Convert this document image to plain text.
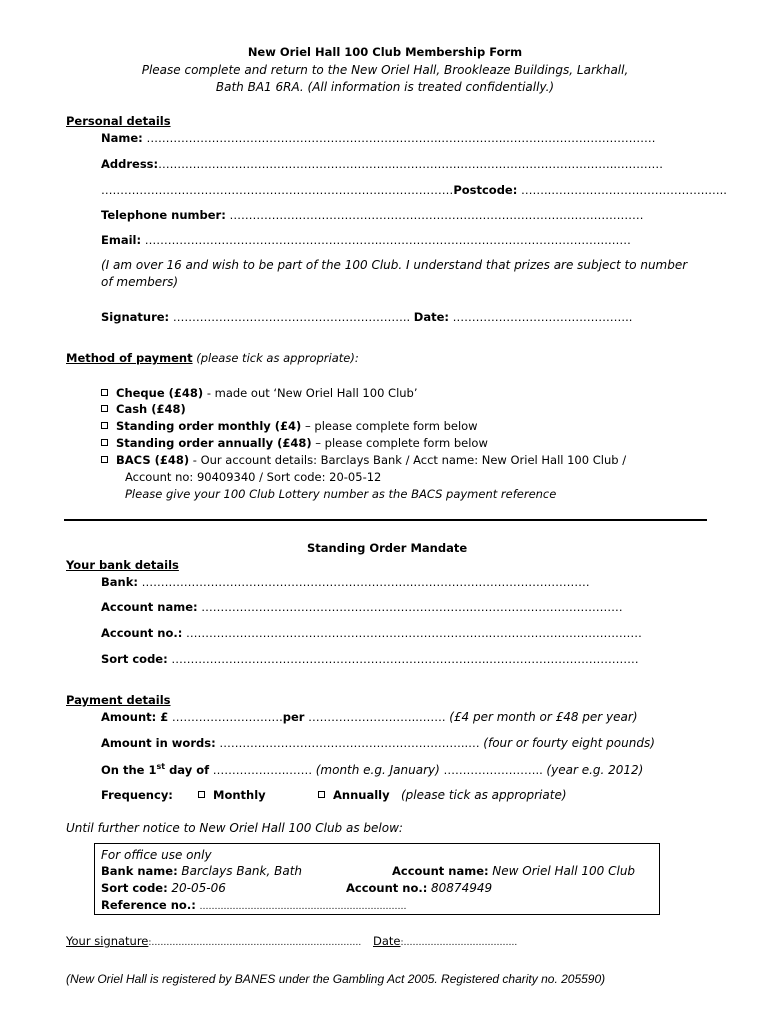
New Oriel Hall 100 Club Membership Form
Please complete and return to the New Oriel Hall, Brookleaze Buildings, Larkhall,
Bath BA1 6RA. (All information is treated confidentially.)
Personal details
Name: …………………………………………………………………..……………..…………………………………
Address:……………………………………………………..……………..…………………………………..…………
………………………………………………………………..………………Postcode: ……..…………………………………..…..
Telephone number: ………………………………………………………………………………………………
Email: ……………………………………………………..…………………………………………………..……
(I am over 16 and wish to be part of the 100 Club. I understand that prizes are subject to number
of members)
Signature: …………………………………………………….. Date: ………………………………………..
Method of payment (please tick as appropriate):
Cheque (£48) - made out ‘New Oriel Hall 100 Club’
Cash (£48)
Standing order monthly (£4) – please complete form below
Standing order annually (£48) – please complete form below
BACS (£48) - Our account details: Barclays Bank / Acct name: New Oriel Hall 100 Club /
Account no: 90409340 / Sort code: 20-05-12
Please give your 100 Club Lottery number as the BACS payment reference
Standing Order Mandate
Your bank details
Bank: ……………………………………………………………..…………….…………………………
Account name: ……………………………………………………………..…………………………………
Account no.: ……………………………………………………………………..…………………………………
Sort code: ………………………………………………………………………..…………………………………
Payment details
Amount: £ …………………….….per ………………………..……. (£4 per month or £48 per year)
Amount in words: ………………………………………………………..… (four or fourty eight pounds)
On the 1st day of ………………..…… (month e.g. January) …………………….. (year e.g. 2012)
Frequency:	Monthly	Annually (please tick as appropriate)
Until further notice to New Oriel Hall 100 Club as below:
For office use only
Bank name: Barclays Bank, Bath	Account name: New Oriel Hall 100 Club
Sort code: 20-05-06	Account no.: 80874949
Reference no.: ……………………………………………………………
Your signature:……………………………………………………………. Date:………………………………..
(New Oriel Hall is registered by BANES under the Gambling Act 2005. Registered charity no. 205590)
